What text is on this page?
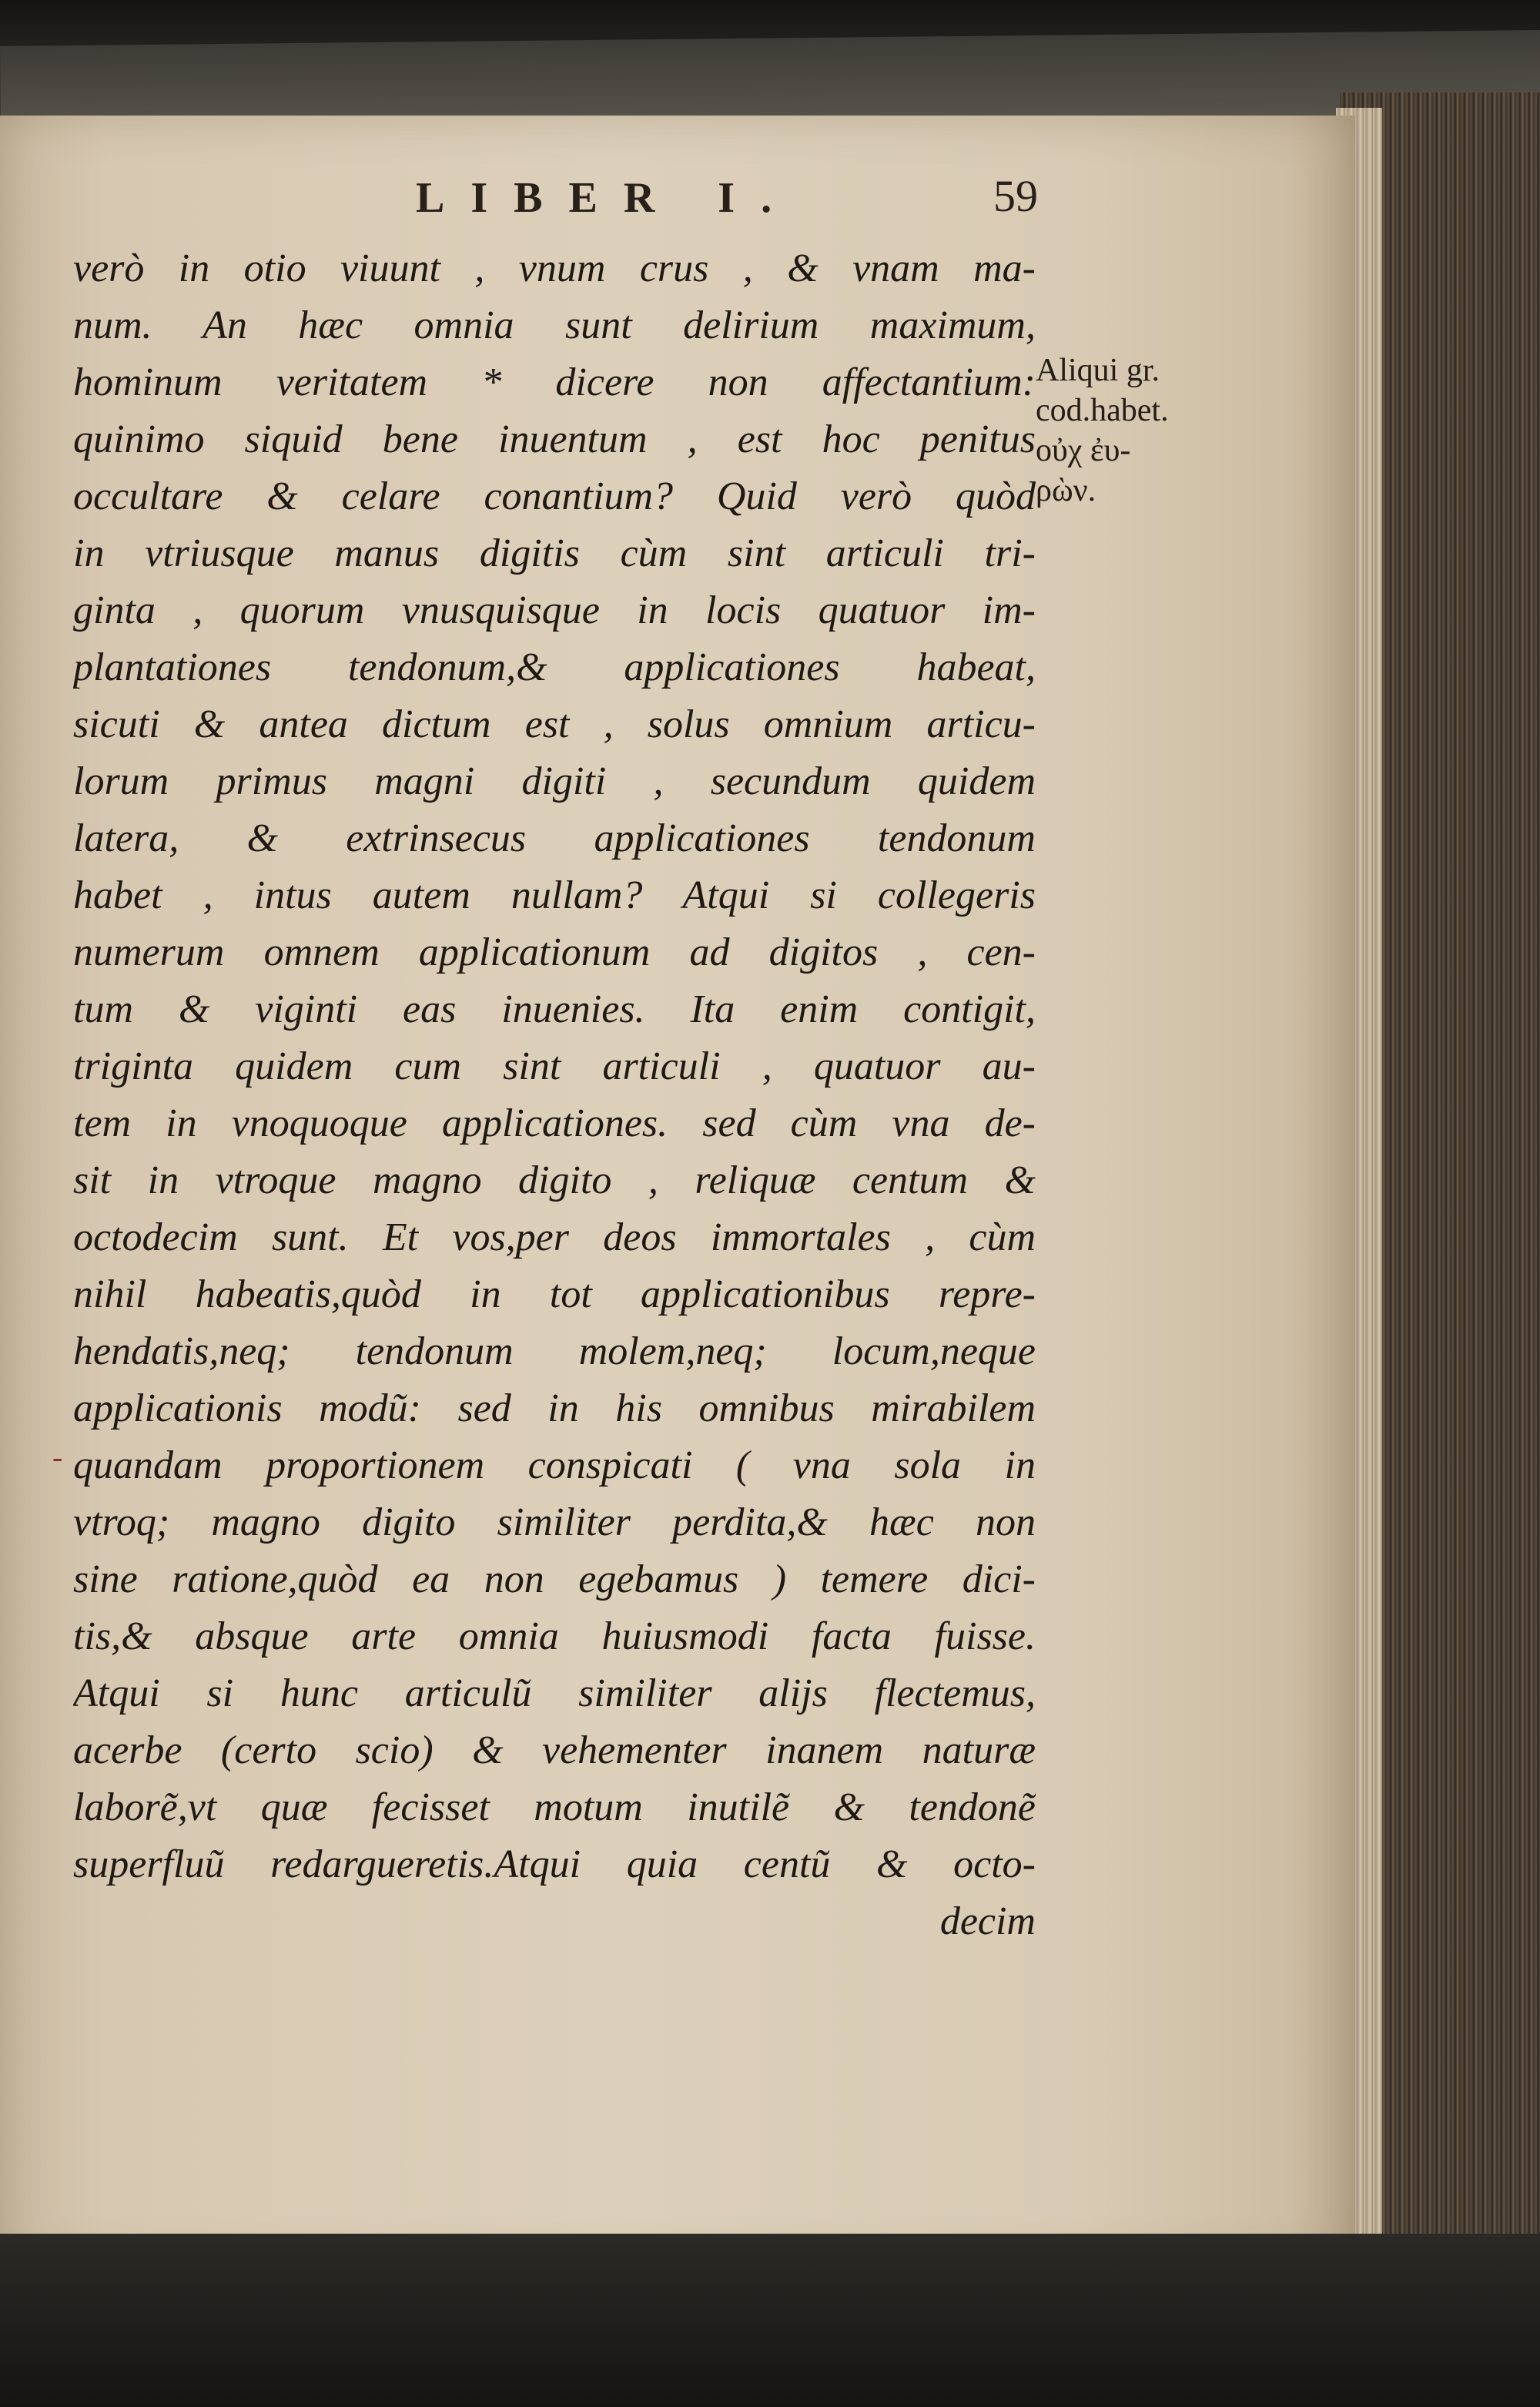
LIBER I.	59
verò in otio viuunt , vnum crus , & vnam ma-
num. An hæc omnia sunt delirium maximum,
hominum veritatem * dicere non affectantium:
quinimo siquid bene inuentum , est hoc penitus
occultare & celare conantium? Quid verò quòd
in vtriusque manus digitis cùm sint articuli tri-
ginta , quorum vnusquisque in locis quatuor im-
plantationes tendonum,& applicationes habeat,
sicuti & antea dictum est , solus omnium articu-
lorum primus magni digiti , secundum quidem
latera, & extrinsecus applicationes tendonum
habet , intus autem nullam? Atqui si collegeris
numerum omnem applicationum ad digitos , cen-
tum & viginti eas inuenies. Ita enim contigit,
triginta quidem cum sint articuli , quatuor au-
tem in vnoquoque applicationes. sed cùm vna de-
sit in vtroque magno digito , reliquæ centum &
octodecim sunt. Et vos,per deos immortales , cùm
nihil habeatis,quòd in tot applicationibus repre-
hendatis,neq; tendonum molem,neq; locum,neque
applicationis modũ: sed in his omnibus mirabilem
quandam proportionem conspicati ( vna sola in
vtroq; magno digito similiter perdita,& hæc non
sine ratione,quòd ea non egebamus ) temere dici-
tis,& absque arte omnia huiusmodi facta fuisse.
Atqui si hunc articulũ similiter alijs flectemus,
acerbe (certo scio) & vehementer inanem naturæ
laborẽ,vt quæ fecisset motum inutilẽ & tendonẽ
superfluũ redargueretis.Atqui quia centũ & octo-
decim
Aliqui gr.
cod.habet.
οὐχ ἐυ-
ρὼν.
-
